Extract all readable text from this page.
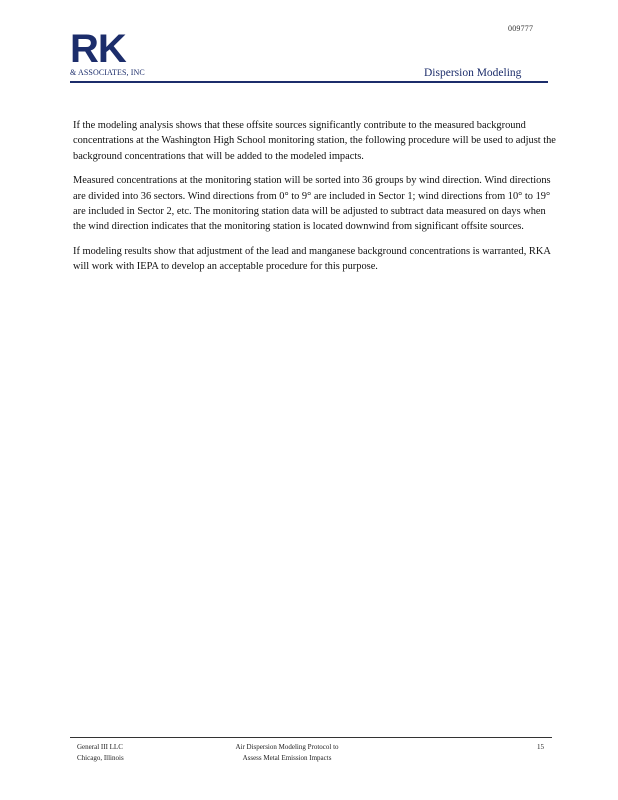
009777
RK
& ASSOCIATES, INC	Dispersion Modeling

If the modeling analysis shows that these offsite sources significantly contribute to the measured background concentrations at the Washington High School monitoring station, the following procedure will be used to adjust the background concentrations that will be added to the modeled impacts.

Measured concentrations at the monitoring station will be sorted into 36 groups by wind direction. Wind directions are divided into 36 sectors. Wind directions from 0° to 9° are included in Sector 1; wind directions from 10° to 19° are included in Sector 2, etc. The monitoring station data will be adjusted to subtract data measured on days when the wind direction indicates that the monitoring station is located downwind from significant offsite sources.

If modeling results show that adjustment of the lead and manganese background concentrations is warranted, RKA will work with IEPA to develop an acceptable procedure for this purpose.

General III LLC
Chicago, Illinois
Air Dispersion Modeling Protocol to
Assess Metal Emission Impacts
15
